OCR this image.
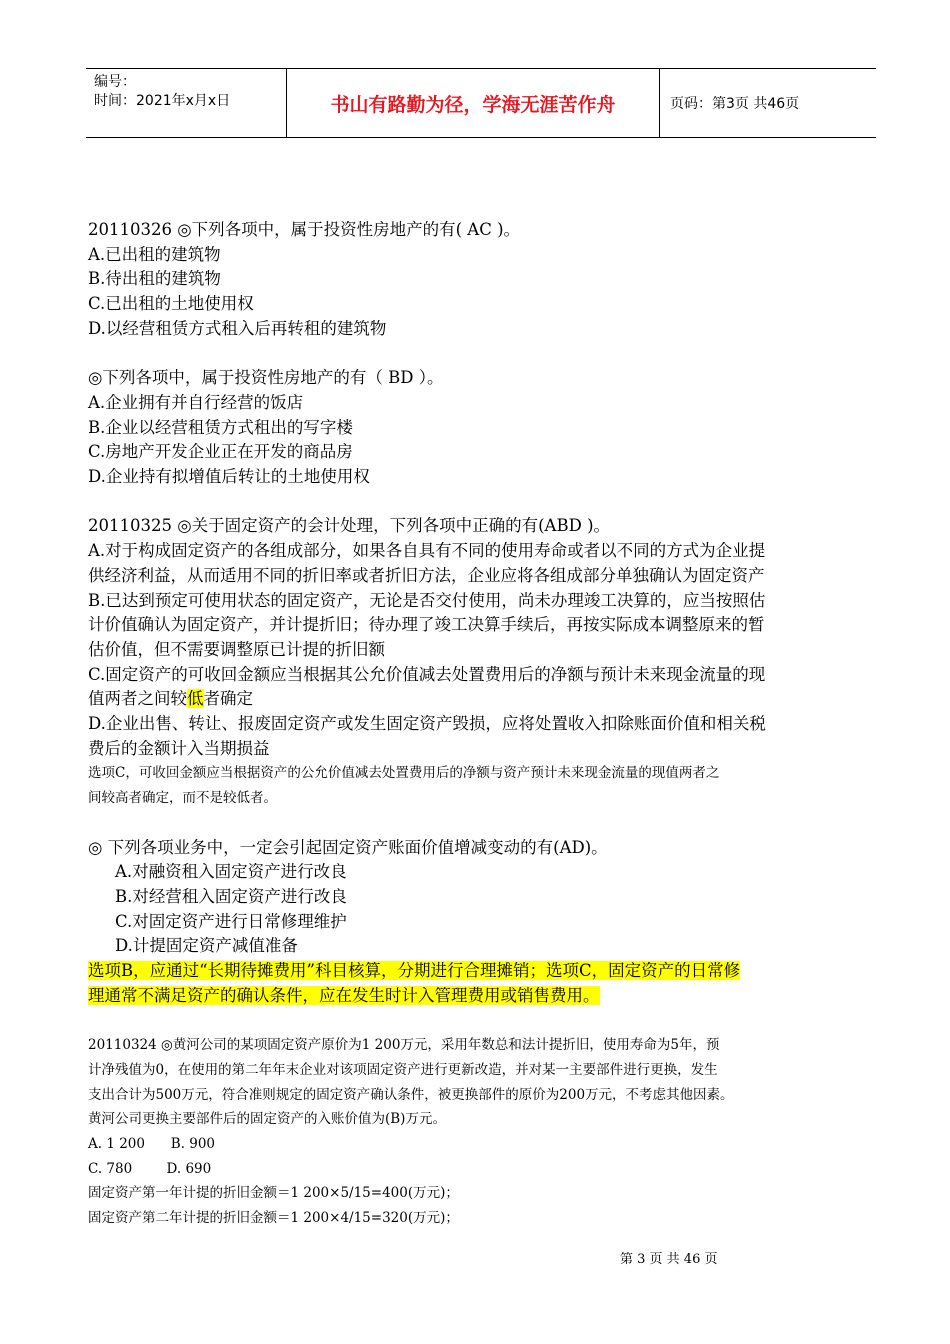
编号：
时间：2021年x月x日	书山有路勤为径，学海无涯苦作舟	页码：第3页 共46页
20110326 ◎下列各项中，属于投资性房地产的有( AC )。
A.已出租的建筑物
B.待出租的建筑物
C.已出租的土地使用权
D.以经营租赁方式租入后再转租的建筑物
◎下列各项中，属于投资性房地产的有（ BD ）。
A.企业拥有并自行经营的饭店
B.企业以经营租赁方式租出的写字楼
C.房地产开发企业正在开发的商品房
D.企业持有拟增值后转让的土地使用权
20110325 ◎关于固定资产的会计处理，下列各项中正确的有(ABD )。
A.对于构成固定资产的各组成部分，如果各自具有不同的使用寿命或者以不同的方式为企业提
供经济利益，从而适用不同的折旧率或者折旧方法，企业应将各组成部分单独确认为固定资产
B.已达到预定可使用状态的固定资产，无论是否交付使用，尚未办理竣工决算的，应当按照估
计价值确认为固定资产，并计提折旧；待办理了竣工决算手续后，再按实际成本调整原来的暂
估价值，但不需要调整原已计提的折旧额
C.固定资产的可收回金额应当根据其公允价值减去处置费用后的净额与预计未来现金流量的现
值两者之间较低者确定
D.企业出售、转让、报废固定资产或发生固定资产毁损，应将处置收入扣除账面价值和相关税
费后的金额计入当期损益
选项C，可收回金额应当根据资产的公允价值减去处置费用后的净额与资产预计未来现金流量的现值两者之
间较高者确定，而不是较低者。
◎ 下列各项业务中，一定会引起固定资产账面价值增减变动的有(AD)。
A.对融资租入固定资产进行改良
B.对经营租入固定资产进行改良
C.对固定资产进行日常修理维护
D.计提固定资产减值准备
选项B，应通过“长期待摊费用”科目核算，分期进行合理摊销；选项C，固定资产的日常修
理通常不满足资产的确认条件，应在发生时计入管理费用或销售费用。
20110324 ◎黄河公司的某项固定资产原价为1 200万元，采用年数总和法计提折旧，使用寿命为5年，预
计净残值为0，在使用的第二年年末企业对该项固定资产进行更新改造，并对某一主要部件进行更换，发生
支出合计为500万元，符合准则规定的固定资产确认条件，被更换部件的原价为200万元，不考虑其他因素。
黄河公司更换主要部件后的固定资产的入账价值为(B)万元。
A. 1 200      B. 900
C. 780        D. 690
固定资产第一年计提的折旧金额＝1 200×5/15=400(万元)；
固定资产第二年计提的折旧金额＝1 200×4/15=320(万元)；
第 3 页 共 46 页
